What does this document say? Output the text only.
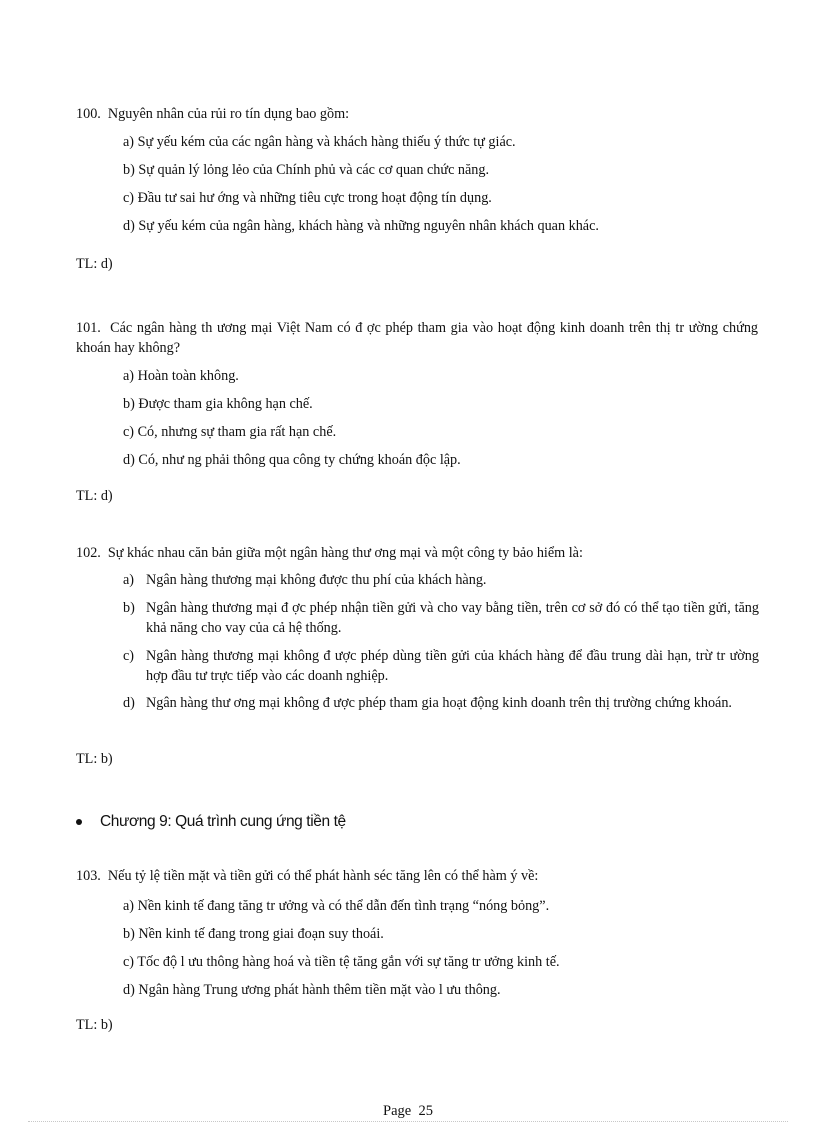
100. Nguyên nhân của rủi ro tín dụng bao gồm:
a) Sự yếu kém của các ngân hàng và khách hàng thiếu ý thức tự giác.
b) Sự quản lý lỏng lẻo của Chính phủ và các cơ quan chức năng.
c) Đầu tư sai hư ớng và những tiêu cực trong hoạt động tín dụng.
d) Sự yếu kém của ngân hàng, khách hàng và những nguyên nhân khách quan khác.
TL: d)
101. Các ngân hàng th ương mại Việt Nam có đ ợc phép tham gia vào hoạt động kinh doanh trên thị tr ường chứng khoán hay không?
a) Hoàn toàn không.
b) Được tham gia không hạn chế.
c) Có, nhưng sự tham gia rất hạn chế.
d) Có, như ng phải thông qua công ty chứng khoán độc lập.
TL: d)
102. Sự khác nhau căn bản giữa một ngân hàng thư ơng mại và một công ty bảo hiểm là:
a) Ngân hàng thương mại không được thu phí của khách hàng.
b) Ngân hàng thương mại đ ợc phép nhận tiền gửi và cho vay bằng tiền, trên cơ sở đó có thể tạo tiền gửi, tăng khả năng cho vay của cả hệ thống.
c) Ngân hàng thương mại không đ ược phép dùng tiền gửi của khách hàng để đầu trung dài hạn, trừ tr ường hợp đầu tư trực tiếp vào các doanh nghiệp.
d) Ngân hàng thư ơng mại không đ ược phép tham gia hoạt động kinh doanh trên thị trường chứng khoán.
TL: b)
Chương 9: Quá trình cung ứng tiền tệ
103. Nếu tỷ lệ tiền mặt và tiền gửi có thể phát hành séc tăng lên có thể hàm ý về:
a) Nền kinh tế đang tăng tr ưởng và có thể dẫn đến tình trạng “nóng bỏng”.
b) Nền kinh tế đang trong giai đoạn suy thoái.
c) Tốc độ l ưu thông hàng hoá và tiền tệ tăng gắn với sự tăng tr ưởng kinh tế.
d) Ngân hàng Trung ương phát hành thêm tiền mặt vào l ưu thông.
TL: b)
Page 25
